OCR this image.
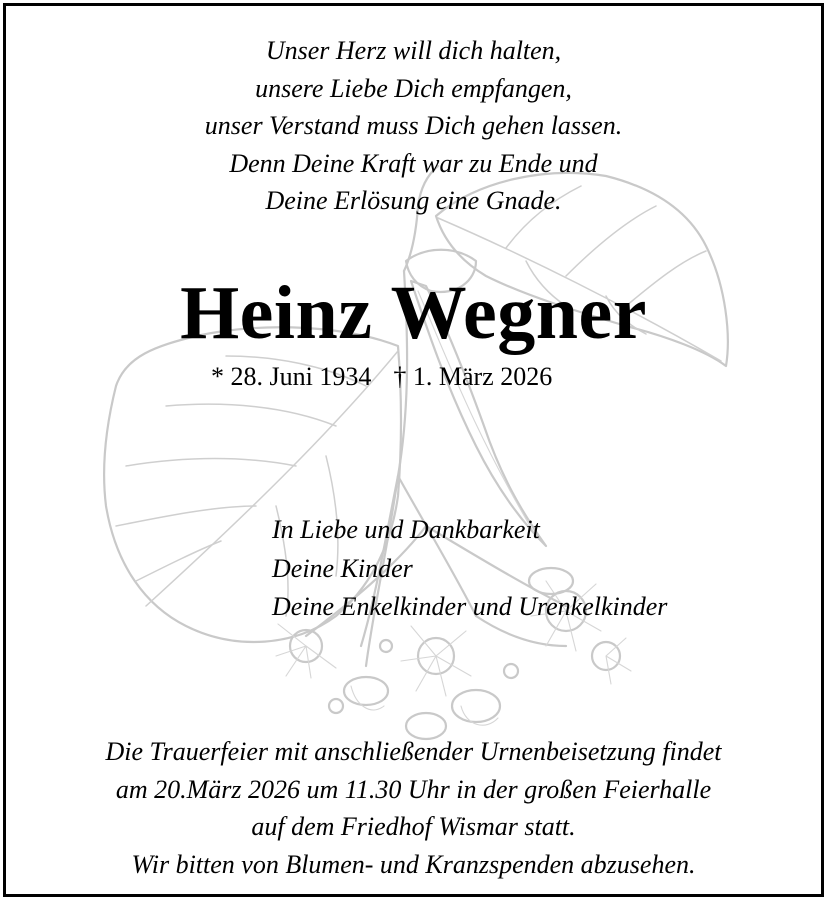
Unser Herz will dich halten,
unsere Liebe Dich empfangen,
unser Verstand muss Dich gehen lassen.
Denn Deine Kraft war zu Ende und
Deine Erlösung eine Gnade.
Heinz Wegner
* 28. Juni 1934 † 1. März 2026
In Liebe und Dankbarkeit
Deine Kinder
Deine Enkelkinder und Urenkelkinder
Die Trauerfeier mit anschließender Urnenbeisetzung findet
am 20.März 2026 um 11.30 Uhr in der großen Feierhalle
auf dem Friedhof Wismar statt.
Wir bitten von Blumen- und Kranzspenden abzusehen.
